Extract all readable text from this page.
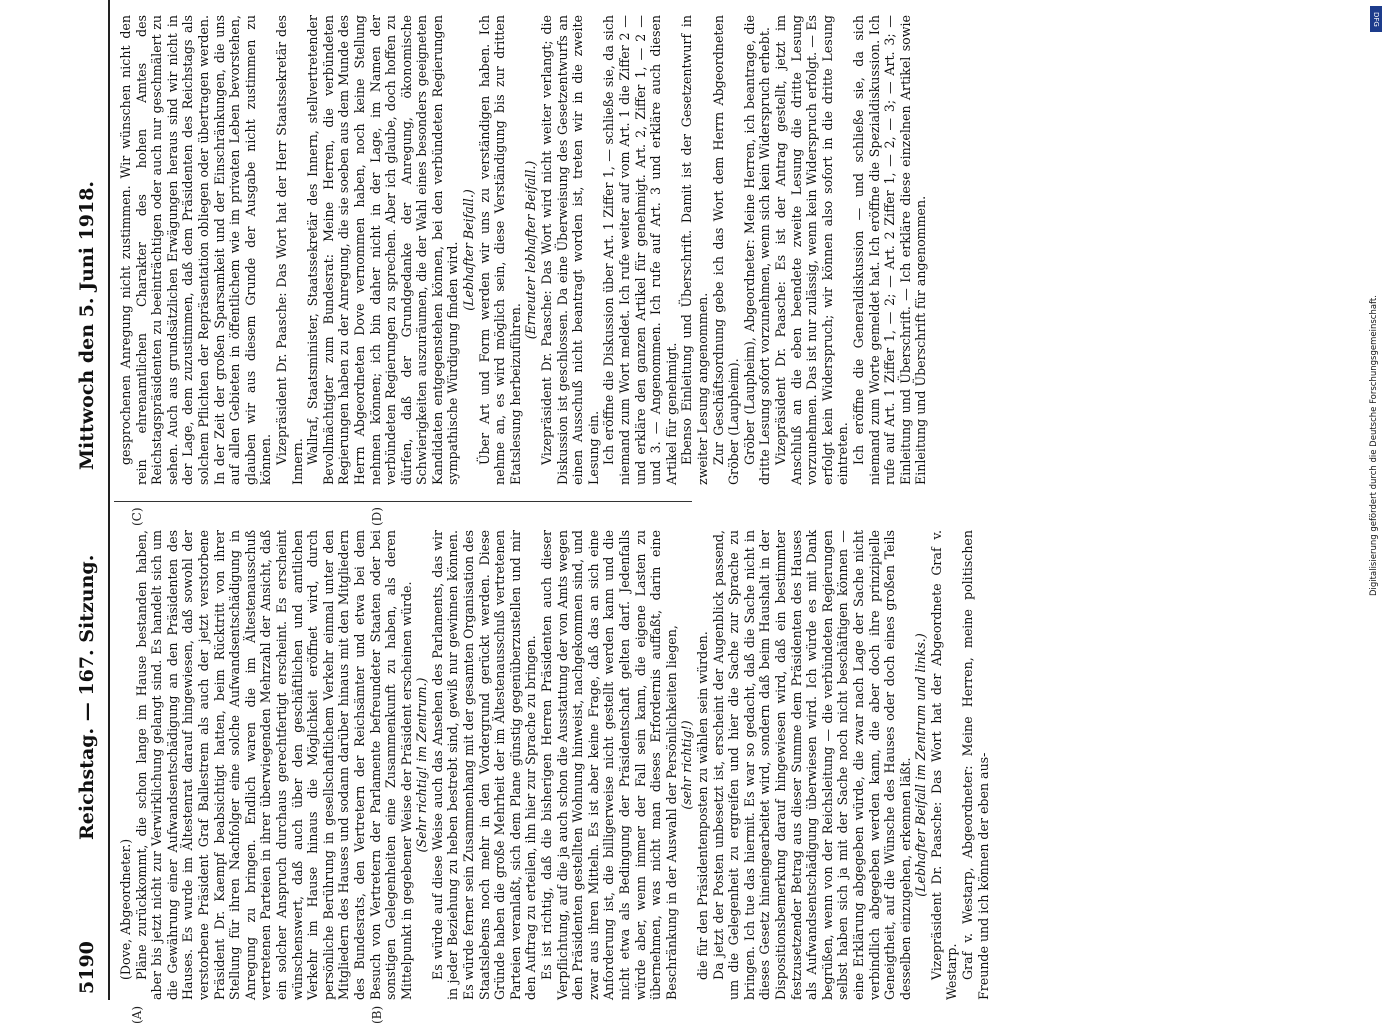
5190
Reichstag. — 167. Sitzung.
Mittwoch den 5. Juni 1918.
(A)	(B)
(C)	(D)

(Dove, Abgeordneter.) Pläne zurückkommt, die schon lange im Hause bestanden haben, aber bis jetzt nicht zur Verwirklichung gelangt sind. Es handelt sich um die Gewährung einer Aufwandsentschädigung an den Präsidenten des Hauses. Es wurde im Ältestenrat darauf hingewiesen, daß sowohl der verstorbene Präsident Graf Ballestrem als auch der jetzt verstorbene Präsident Dr. Kaempf beabsichtigt hatten, beim Rücktritt von ihrer Stellung für ihren Nachfolger eine solche Aufwandsentschädigung in Anregung zu bringen. Endlich waren die im Ältestenausschuß vertretenen Parteien in ihrer überwiegenden Mehrzahl der Ansicht, daß ein solcher Anspruch durchaus gerechtfertigt erscheint. Es erscheint wünschenswert, daß auch über den geschäftlichen und amtlichen Verkehr im Hause hinaus die Möglichkeit eröffnet wird, durch persönliche Berührung in gesellschaftlichem Verkehr einmal unter den Mitgliedern des Hauses und sodann darüber hinaus mit den Mitgliedern des Bundesrats, den Vertretern der Reichsämter und etwa bei dem Besuch von Vertretern der Parlamente befreundeter Staaten oder bei sonstigen Gelegenheiten eine Zusammenkunft zu haben, als deren Mittelpunkt in gegebener Weise der Präsident erscheinen würde. (Sehr richtig! im Zentrum.) Es würde auf diese Weise auch das Ansehen des Parlaments, das wir in jeder Beziehung zu heben bestrebt sind, gewiß nur gewinnen können. Es würde ferner sein Zusammenhang mit der gesamten Organisation des Staatslebens noch mehr in den Vordergrund gerückt werden. Diese Gründe haben die große Mehrheit der im Ältestenausschuß vertretenen Parteien veranlaßt, sich dem Plane günstig gegenüberzustellen und mir den Auftrag zu erteilen, ihn hier zur Sprache zu bringen. Es ist richtig, daß die bisherigen Herren Präsidenten auch dieser Verpflichtung, auf die ja auch schon die Ausstattung der von Amts wegen den Präsidenten gestellten Wohnung hinweist, nachgekommen sind, und zwar aus ihren Mitteln. Es ist aber keine Frage, daß das an sich eine Anforderung ist, die billigerweise nicht gestellt werden kann und die nicht etwa als Bedingung der Präsidentschaft gelten darf. Jedenfalls würde aber, wenn immer der Fall sein kann, die eigene Lasten zu übernehmen, was nicht man dieses Erfordernis auffaßt, darin eine Beschränkung in der Auswahl der Persönlichkeiten liegen, (sehr richtig!) die für den Präsidentenposten zu wählen sein würden. Da jetzt der Posten unbesetzt ist, erscheint der Augenblick passend, um die Gelegenheit zu ergreifen und hier die Sache zur Sprache zu bringen. Ich tue das hiermit. Es war so gedacht, daß die Sache nicht in dieses Gesetz hineingearbeitet wird, sondern daß beim Haushalt in der Dispositionsbemerkung darauf hingewiesen wird, daß ein bestimmter festzusetzender Betrag aus dieser Summe dem Präsidenten des Hauses als Aufwandsentschädigung überwiesen wird. Ich würde es mit Dank begrüßen, wenn von der Reichsleitung — die verbündeten Regierungen selbst haben sich ja mit der Sache noch nicht beschäftigen können — eine Erklärung abgegeben würde, die zwar nach Lage der Sache nicht verbindlich abgegeben werden kann, die aber doch ihre prinzipielle Geneigtheit, auf die Wünsche des Hauses oder doch eines großen Teils desselben einzugehen, erkennen läßt. (Lebhafter Beifall im Zentrum und links.) Vizepräsident Dr. Paasche: Das Wort hat der Abgeordnete Graf v. Westarp. Graf v. Westarp, Abgeordneter: Meine Herren, meine politischen Freunde und ich können der eben aus-

gesprochenen Anregung nicht zustimmen. Wir wünschen nicht den rein ehrenamtlichen Charakter des hohen Amtes des Reichstagspräsidenten zu beeinträchtigen oder auch nur geschmälert zu sehen. Auch aus grundsätzlichen Erwägungen heraus sind wir nicht in der Lage, dem zuzustimmen, daß dem Präsidenten des Reichstags als solchem Pflichten der Repräsentation obliegen oder übertragen werden. In der Zeit der großen Sparsamkeit und der Einschränkungen, die uns auf allen Gebieten in öffentlichem wie im privaten Leben bevorstehen, glauben wir aus diesem Grunde der Ausgabe nicht zustimmen zu können. Vizepräsident Dr. Paasche: Das Wort hat der Herr Staatssekretär des Innern. Wallraf, Staatsminister, Staatssekretär des Innern, stellvertretender Bevollmächtigter zum Bundesrat: Meine Herren, die verbündeten Regierungen haben zu der Anregung, die sie soeben aus dem Munde des Herrn Abgeordneten Dove vernommen haben, noch keine Stellung nehmen können; ich bin daher nicht in der Lage, im Namen der verbündeten Regierungen zu sprechen. Aber ich glaube, doch hoffen zu dürfen, daß der Grundgedanke der Anregung, ökonomische Schwierigkeiten auszuräumen, die der Wahl eines besonders geeigneten Kandidaten entgegenstehen können, bei den verbündeten Regierungen sympathische Würdigung finden wird. (Lebhafter Beifall.) Über Art und Form werden wir uns zu verständigen haben. Ich nehme an, es wird möglich sein, diese Verständigung bis zur dritten Etatslesung herbeizuführen.

(Erneuter lebhafter Beifall.) Vizepräsident Dr. Paasche: Das Wort wird nicht weiter verlangt; die Diskussion ist geschlossen. Da eine Überweisung des Gesetzentwurfs an einen Ausschuß nicht beantragt worden ist, treten wir in die zweite Lesung ein. Ich eröffne die Diskussion über Art. 1 Ziffer 1, — schließe sie, da sich niemand zum Wort meldet. Ich rufe weiter auf vom Art. 1 die Ziffer 2 — und erkläre den ganzen Artikel für genehmigt. Art. 2, Ziffer 1, — 2 — und 3. — Angenommen. Ich rufe auf Art. 3 und erkläre auch diesen Artikel für genehmigt. Ebenso Einleitung und Überschrift. Damit ist der Gesetzentwurf in zweiter Lesung angenommen. Zur Geschäftsordnung gebe ich das Wort dem Herrn Abgeordneten Gröber (Laupheim). Gröber (Laupheim), Abgeordneter: Meine Herren, ich beantrage, die dritte Lesung sofort vorzunehmen, wenn sich kein Widerspruch erhebt. Vizepräsident Dr. Paasche: Es ist der Antrag gestellt, jetzt im Anschluß an die eben beendete zweite Lesung die dritte Lesung vorzunehmen. Das ist nur zulässig, wenn kein Widerspruch erfolgt. — Es erfolgt kein Widerspruch; wir können also sofort in die dritte Lesung eintreten. Ich eröffne die Generaldiskussion — und schließe sie, da sich niemand zum Worte gemeldet hat. Ich eröffne die Spezialdiskussion. Ich rufe auf Art. 1 Ziffer 1, — 2; — Art. 2 Ziffer 1, — 2, — 3; — Art. 3; — Einleitung und Überschrift. — Ich erkläre diese einzelnen Artikel sowie Einleitung und Überschrift für angenommen.

DFG
Digitalisierung gefördert durch die Deutsche Forschungsgemeinschaft.
